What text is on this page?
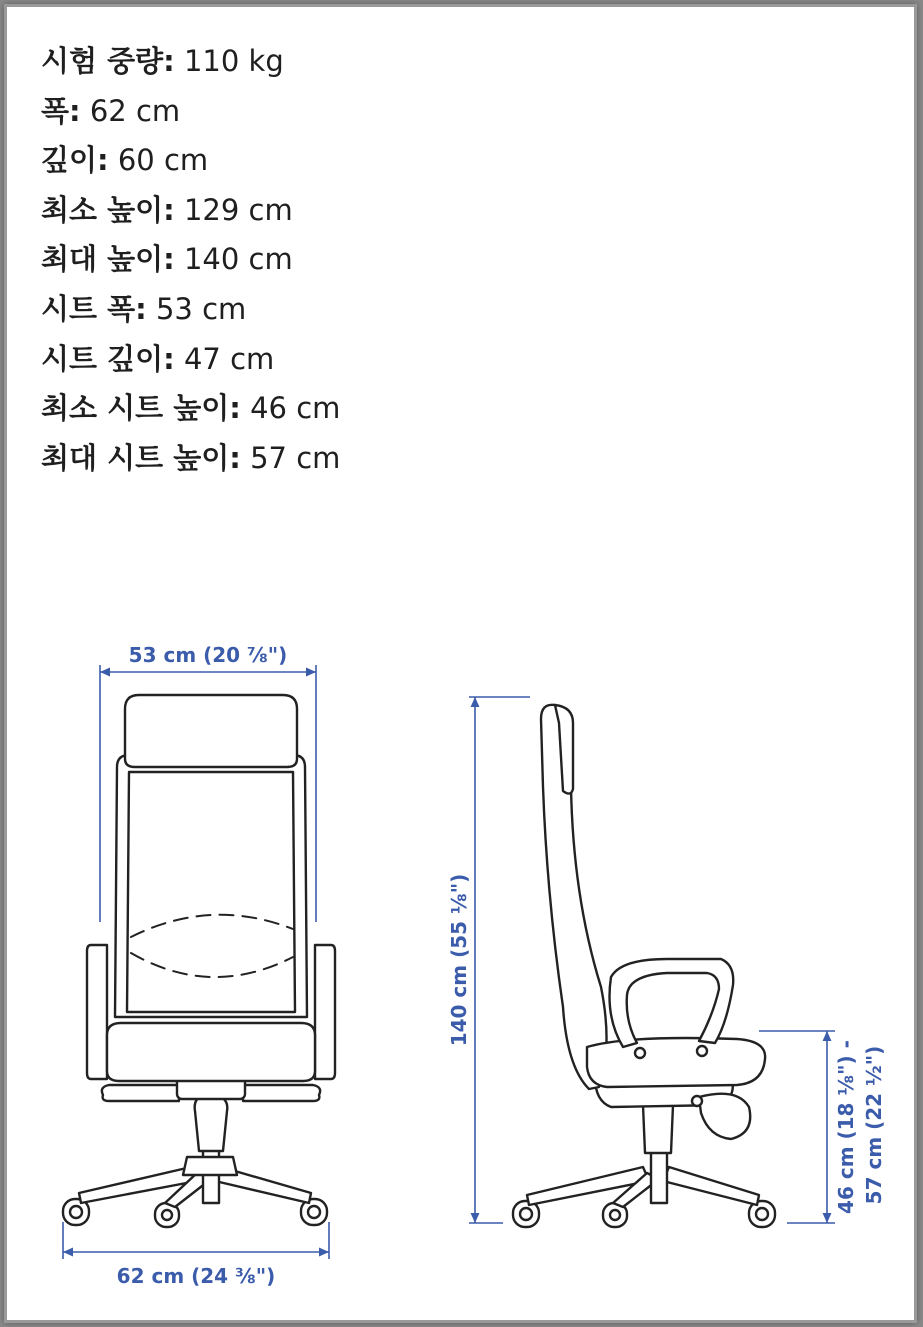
시험 중량: 110 kg
폭: 62 cm
깊이: 60 cm
최소 높이: 129 cm
최대 높이: 140 cm
시트 폭: 53 cm
시트 깊이: 47 cm
최소 시트 높이: 46 cm
최대 시트 높이: 57 cm
53 cm (20 ⅞")
62 cm (24 ⅜")
140 cm (55 ⅛")
46 cm (18 ⅛") - 57 cm (22 ½")
